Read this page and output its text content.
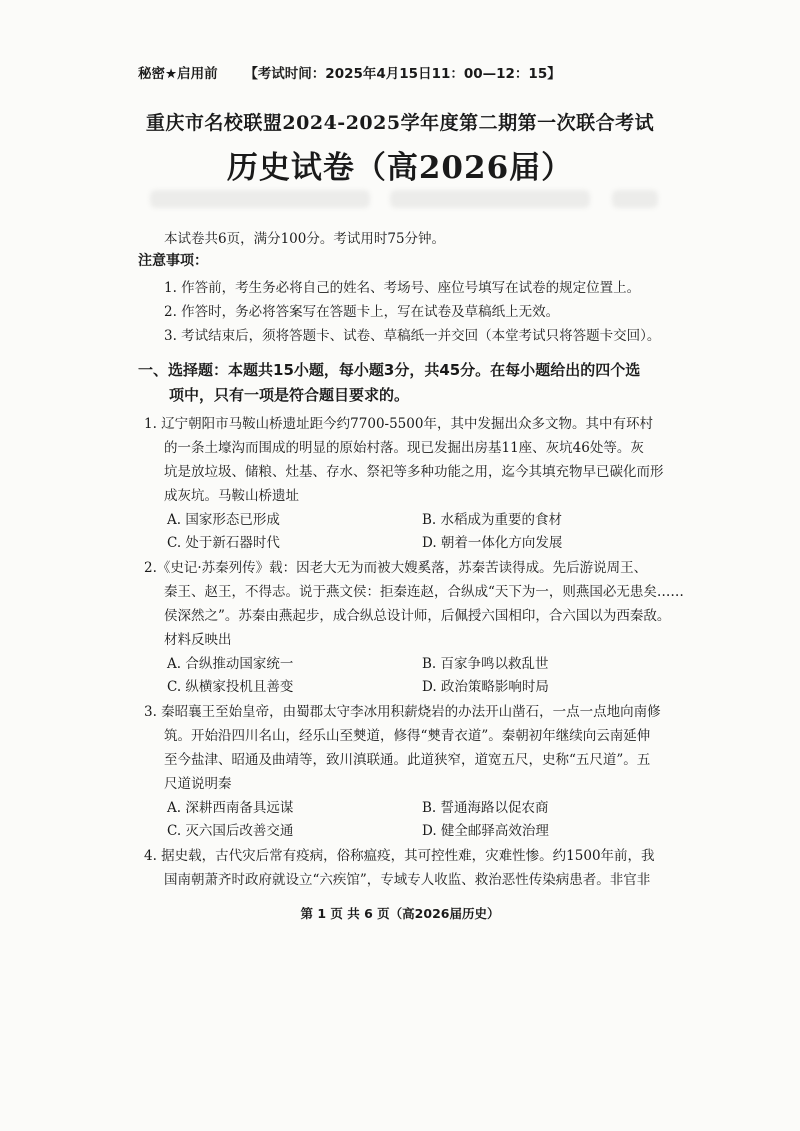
秘密★启用前 【考试时间：2025年4月15日11：00—12：15】
重庆市名校联盟2024-2025学年度第二期第一次联合考试
历史试卷（高2026届）
本试卷共6页，满分100分。考试用时75分钟。
注意事项：
1. 作答前，考生务必将自己的姓名、考场号、座位号填写在试卷的规定位置上。
2. 作答时，务必将答案写在答题卡上，写在试卷及草稿纸上无效。
3. 考试结束后，须将答题卡、试卷、草稿纸一并交回（本堂考试只将答题卡交回）。
一、选择题：本题共15小题，每小题3分，共45分。在每小题给出的四个选
项中，只有一项是符合题目要求的。
1. 辽宁朝阳市马鞍山桥遗址距今约7700-5500年，其中发掘出众多文物。其中有环村
的一条土壕沟而围成的明显的原始村落。现已发掘出房基11座、灰坑46处等。灰
坑是放垃圾、储粮、灶基、存水、祭祀等多种功能之用，迄今其填充物早已碳化而形
成灰坑。马鞍山桥遗址
A. 国家形态已形成	B. 水稻成为重要的食材
C. 处于新石器时代	D. 朝着一体化方向发展
2.《史记·苏秦列传》载：因老大无为而被大嫂奚落，苏秦苦读得成。先后游说周王、
秦王、赵王，不得志。说于燕文侯：拒秦连赵，合纵成“天下为一，则燕国必无患矣……
侯深然之”。苏秦由燕起步，成合纵总设计师，后佩授六国相印，合六国以为西秦敌。
材料反映出
A. 合纵推动国家统一	B. 百家争鸣以救乱世
C. 纵横家投机且善变	D. 政治策略影响时局
3. 秦昭襄王至始皇帝，由蜀郡太守李冰用积薪烧岩的办法开山凿石，一点一点地向南修
筑。开始沿四川名山，经乐山至僰道，修得“僰青衣道”。秦朝初年继续向云南延伸
至今盐津、昭通及曲靖等，致川滇联通。此道狭窄，道宽五尺，史称“五尺道”。五
尺道说明秦
A. 深耕西南备具远谋	B. 誓通海路以促农商
C. 灭六国后改善交通	D. 健全邮驿高效治理
4. 据史载，古代灾后常有疫病，俗称瘟疫，其可控性难，灾难性惨。约1500年前，我
国南朝萧齐时政府就设立“六疾馆”，专域专人收监、救治恶性传染病患者。非官非
第 1 页 共 6 页（高2026届历史）
